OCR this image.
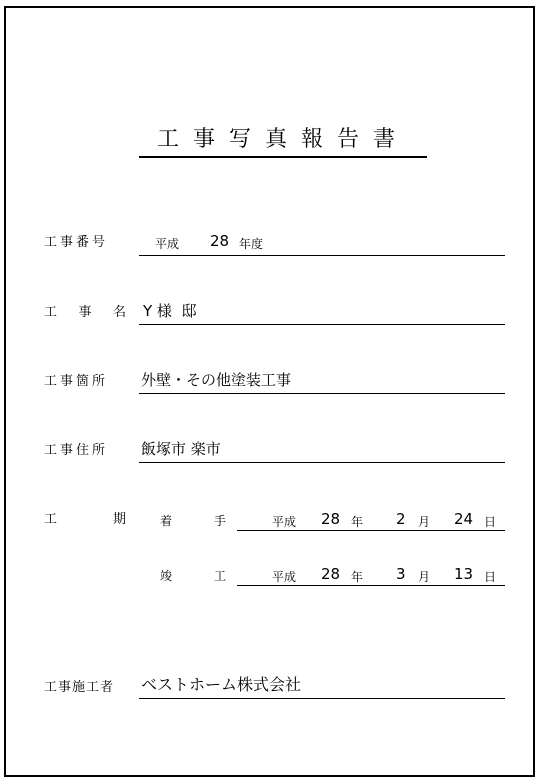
工事写真報告書
工事番号	平成 28 年度
工 事 名 Y 様  邸
工事箇所 外壁・その他塗装工事
工事住所 飯塚市 楽市
工	期	着	手	平成 28 年 2 月 24 日
竣	工	平成 28 年 3 月 13 日
工事施工者 ベストホーム株式会社
